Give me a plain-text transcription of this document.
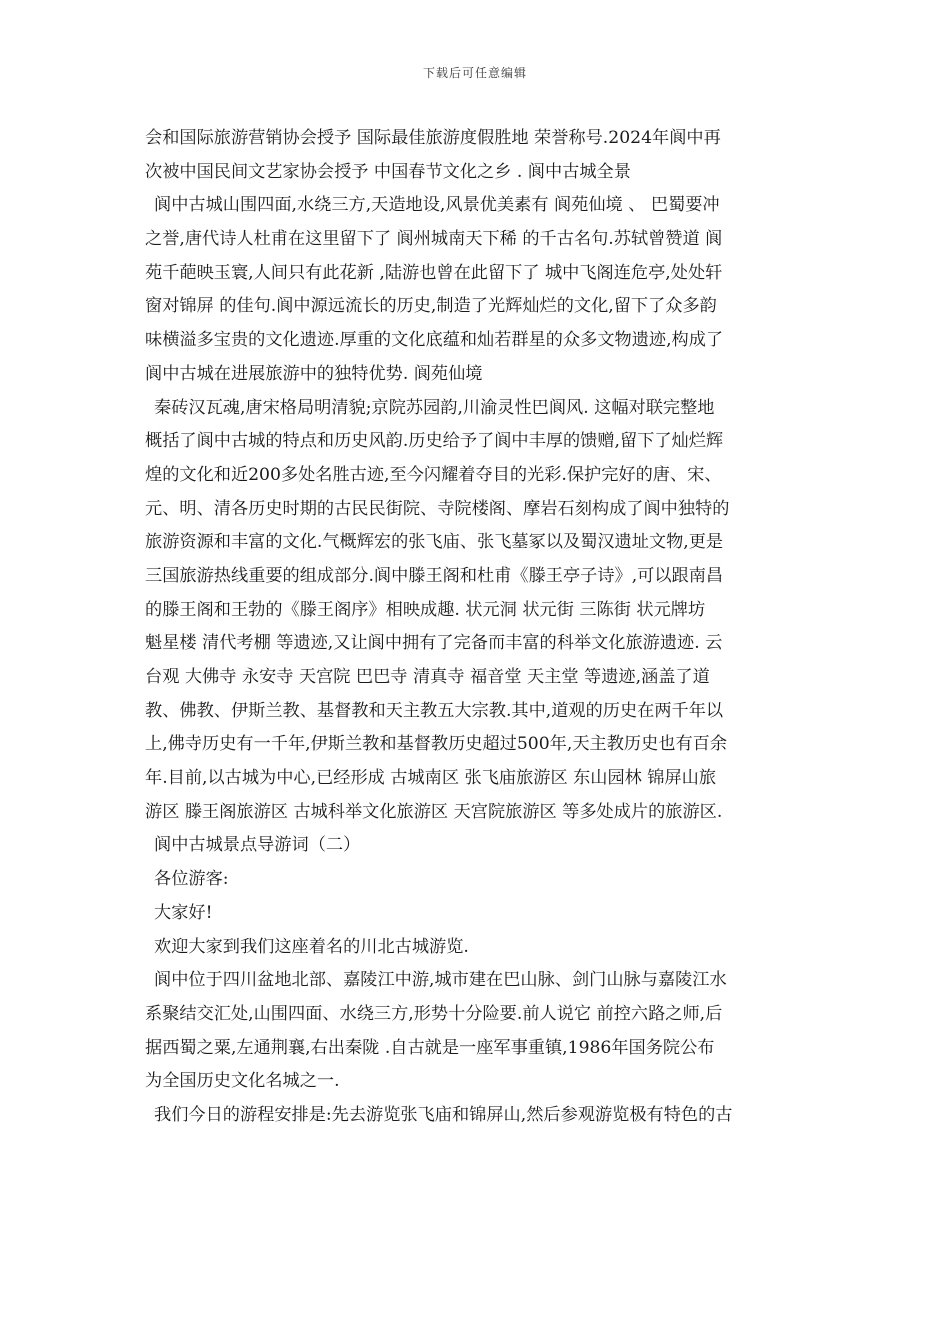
下载后可任意编辑
会和国际旅游营销协会授予 国际最佳旅游度假胜地 荣誉称号.2024年阆中再
次被中国民间文艺家协会授予 中国春节文化之乡 . 阆中古城全景
阆中古城山围四面,水绕三方,天造地设,风景优美素有 阆苑仙境 、 巴蜀要冲
之誉,唐代诗人杜甫在这里留下了 阆州城南天下稀 的千古名句.苏轼曾赞道 阆
苑千葩映玉寰,人间只有此花新 ,陆游也曾在此留下了 城中飞阁连危亭,处处轩
窗对锦屏 的佳句.阆中源远流长的历史,制造了光辉灿烂的文化,留下了众多韵
味横溢多宝贵的文化遗迹.厚重的文化底蕴和灿若群星的众多文物遗迹,构成了
阆中古城在进展旅游中的独特优势. 阆苑仙境
秦砖汉瓦魂,唐宋格局明清貌;京院苏园韵,川渝灵性巴阆风. 这幅对联完整地
概括了阆中古城的特点和历史风韵.历史给予了阆中丰厚的馈赠,留下了灿烂辉
煌的文化和近200多处名胜古迹,至今闪耀着夺目的光彩.保护完好的唐、宋、
元、明、清各历史时期的古民民街院、寺院楼阁、摩岩石刻构成了阆中独特的
旅游资源和丰富的文化.气概辉宏的张飞庙、张飞墓冢以及蜀汉遗址文物,更是
三国旅游热线重要的组成部分.阆中滕王阁和杜甫《滕王亭子诗》,可以跟南昌
的滕王阁和王勃的《滕王阁序》相映成趣. 状元洞 状元街 三陈街 状元牌坊
魁星楼 清代考棚 等遗迹,又让阆中拥有了完备而丰富的科举文化旅游遗迹. 云
台观 大佛寺 永安寺 天宫院 巴巴寺 清真寺 福音堂 天主堂 等遗迹,涵盖了道
教、佛教、伊斯兰教、基督教和天主教五大宗教.其中,道观的历史在两千年以
上,佛寺历史有一千年,伊斯兰教和基督教历史超过500年,天主教历史也有百余
年.目前,以古城为中心,已经形成 古城南区 张飞庙旅游区 东山园林 锦屏山旅
游区 滕王阁旅游区 古城科举文化旅游区 天宫院旅游区 等多处成片的旅游区.
阆中古城景点导游词（二）
各位游客:
大家好!
欢迎大家到我们这座着名的川北古城游览.
阆中位于四川盆地北部、嘉陵江中游,城市建在巴山脉、剑门山脉与嘉陵江水
系聚结交汇处,山围四面、水绕三方,形势十分险要.前人说它 前控六路之师,后
据西蜀之粟,左通荆襄,右出秦陇 .自古就是一座军事重镇,1986年国务院公布
为全国历史文化名城之一.
我们今日的游程安排是:先去游览张飞庙和锦屏山,然后参观游览极有特色的古
